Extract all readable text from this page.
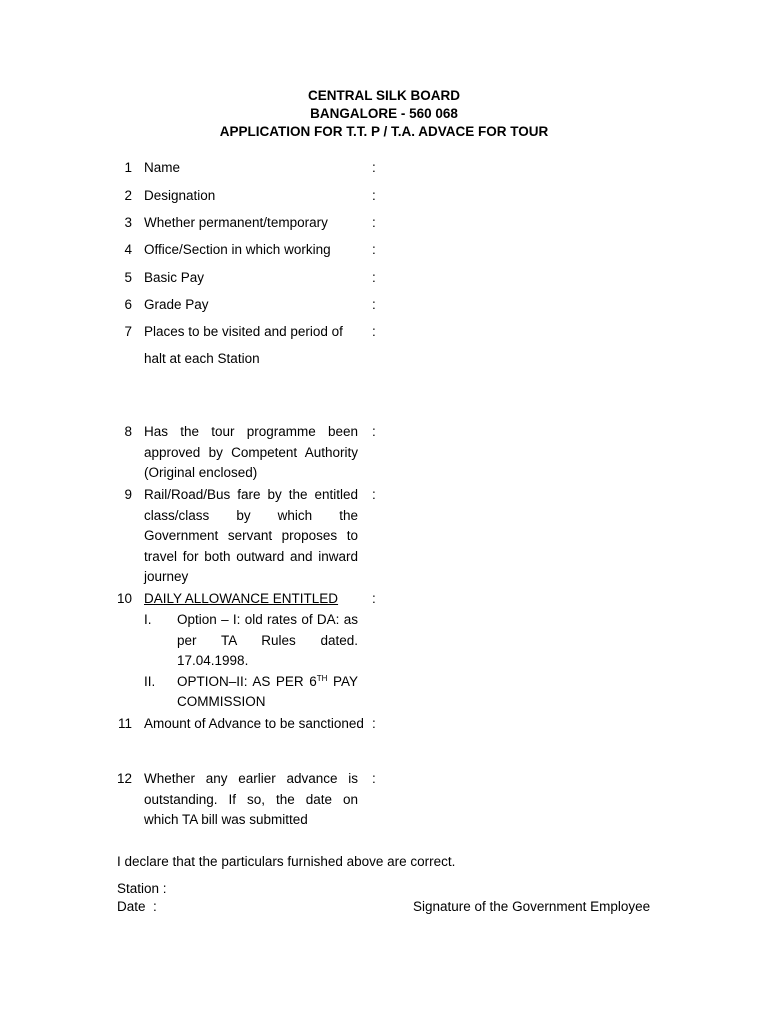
CENTRAL SILK BOARD
BANGALORE - 560 068
APPLICATION FOR T.T. P / T.A. ADVACE FOR TOUR
1 Name	:
2 Designation	:
3 Whether permanent/temporary	:
4 Office/Section in which working	:
5 Basic Pay	:
6 Grade Pay	:
7 Places to be visited and period of	:
halt at each Station
8 Has the tour programme been approved by Competent Authority (Original enclosed)
:
9 Rail/Road/Bus fare by the entitled class/class by which the Government servant proposes to travel for both outward and inward journey
:
10 DAILY ALLOWANCE ENTITLED	:
I.	Option – I: old rates of DA: as per TA Rules dated. 17.04.1998.
II.	OPTION–II: AS PER 6TH PAY COMMISSION
11 Amount of Advance to be sanctioned :
12 Whether any earlier advance is outstanding. If so, the date on which TA bill was submitted
:
I declare that the particulars furnished above are correct.
Station :
Date  :	Signature of the Government Employee
